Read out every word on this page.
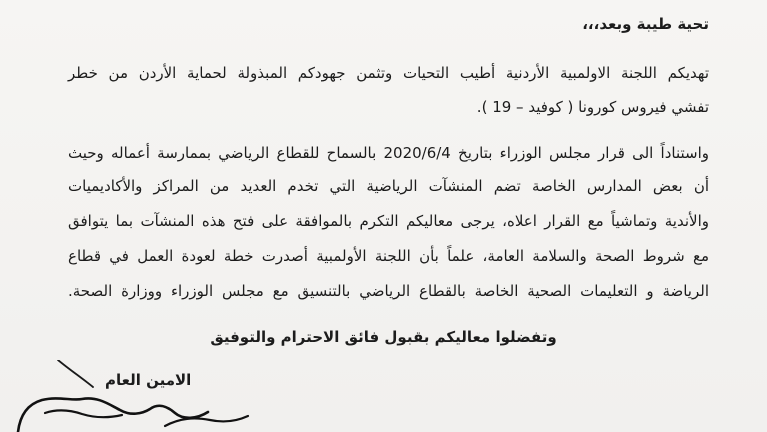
تحية طيبة وبعد،،،
تهديكم اللجنة الاولمبية الأردنية أطيب التحيات وتثمن جهودكم المبذولة لحماية الأردن من خطر
تفشي فيروس كورونا ( كوفيد – 19 ).
واستناداً الى قرار مجلس الوزراء بتاريخ 2020/6/4 بالسماح للقطاع الرياضي بممارسة أعماله وحيث
أن بعض المدارس الخاصة تضم المنشآت الرياضية التي تخدم العديد من المراكز والأكاديميات
والأندية وتماشياً مع القرار اعلاه، يرجى معاليكم التكرم بالموافقة على فتح هذه المنشآت بما يتوافق
مع شروط الصحة والسلامة العامة، علماً بأن اللجنة الأولمبية أصدرت خطة لعودة العمل في قطاع
الرياضة و التعليمات الصحية الخاصة بالقطاع الرياضي بالتنسيق مع مجلس الوزراء ووزارة الصحة.
وتفضلوا معاليكم بقبول فائق الاحترام والتوفيق
الامين العام
